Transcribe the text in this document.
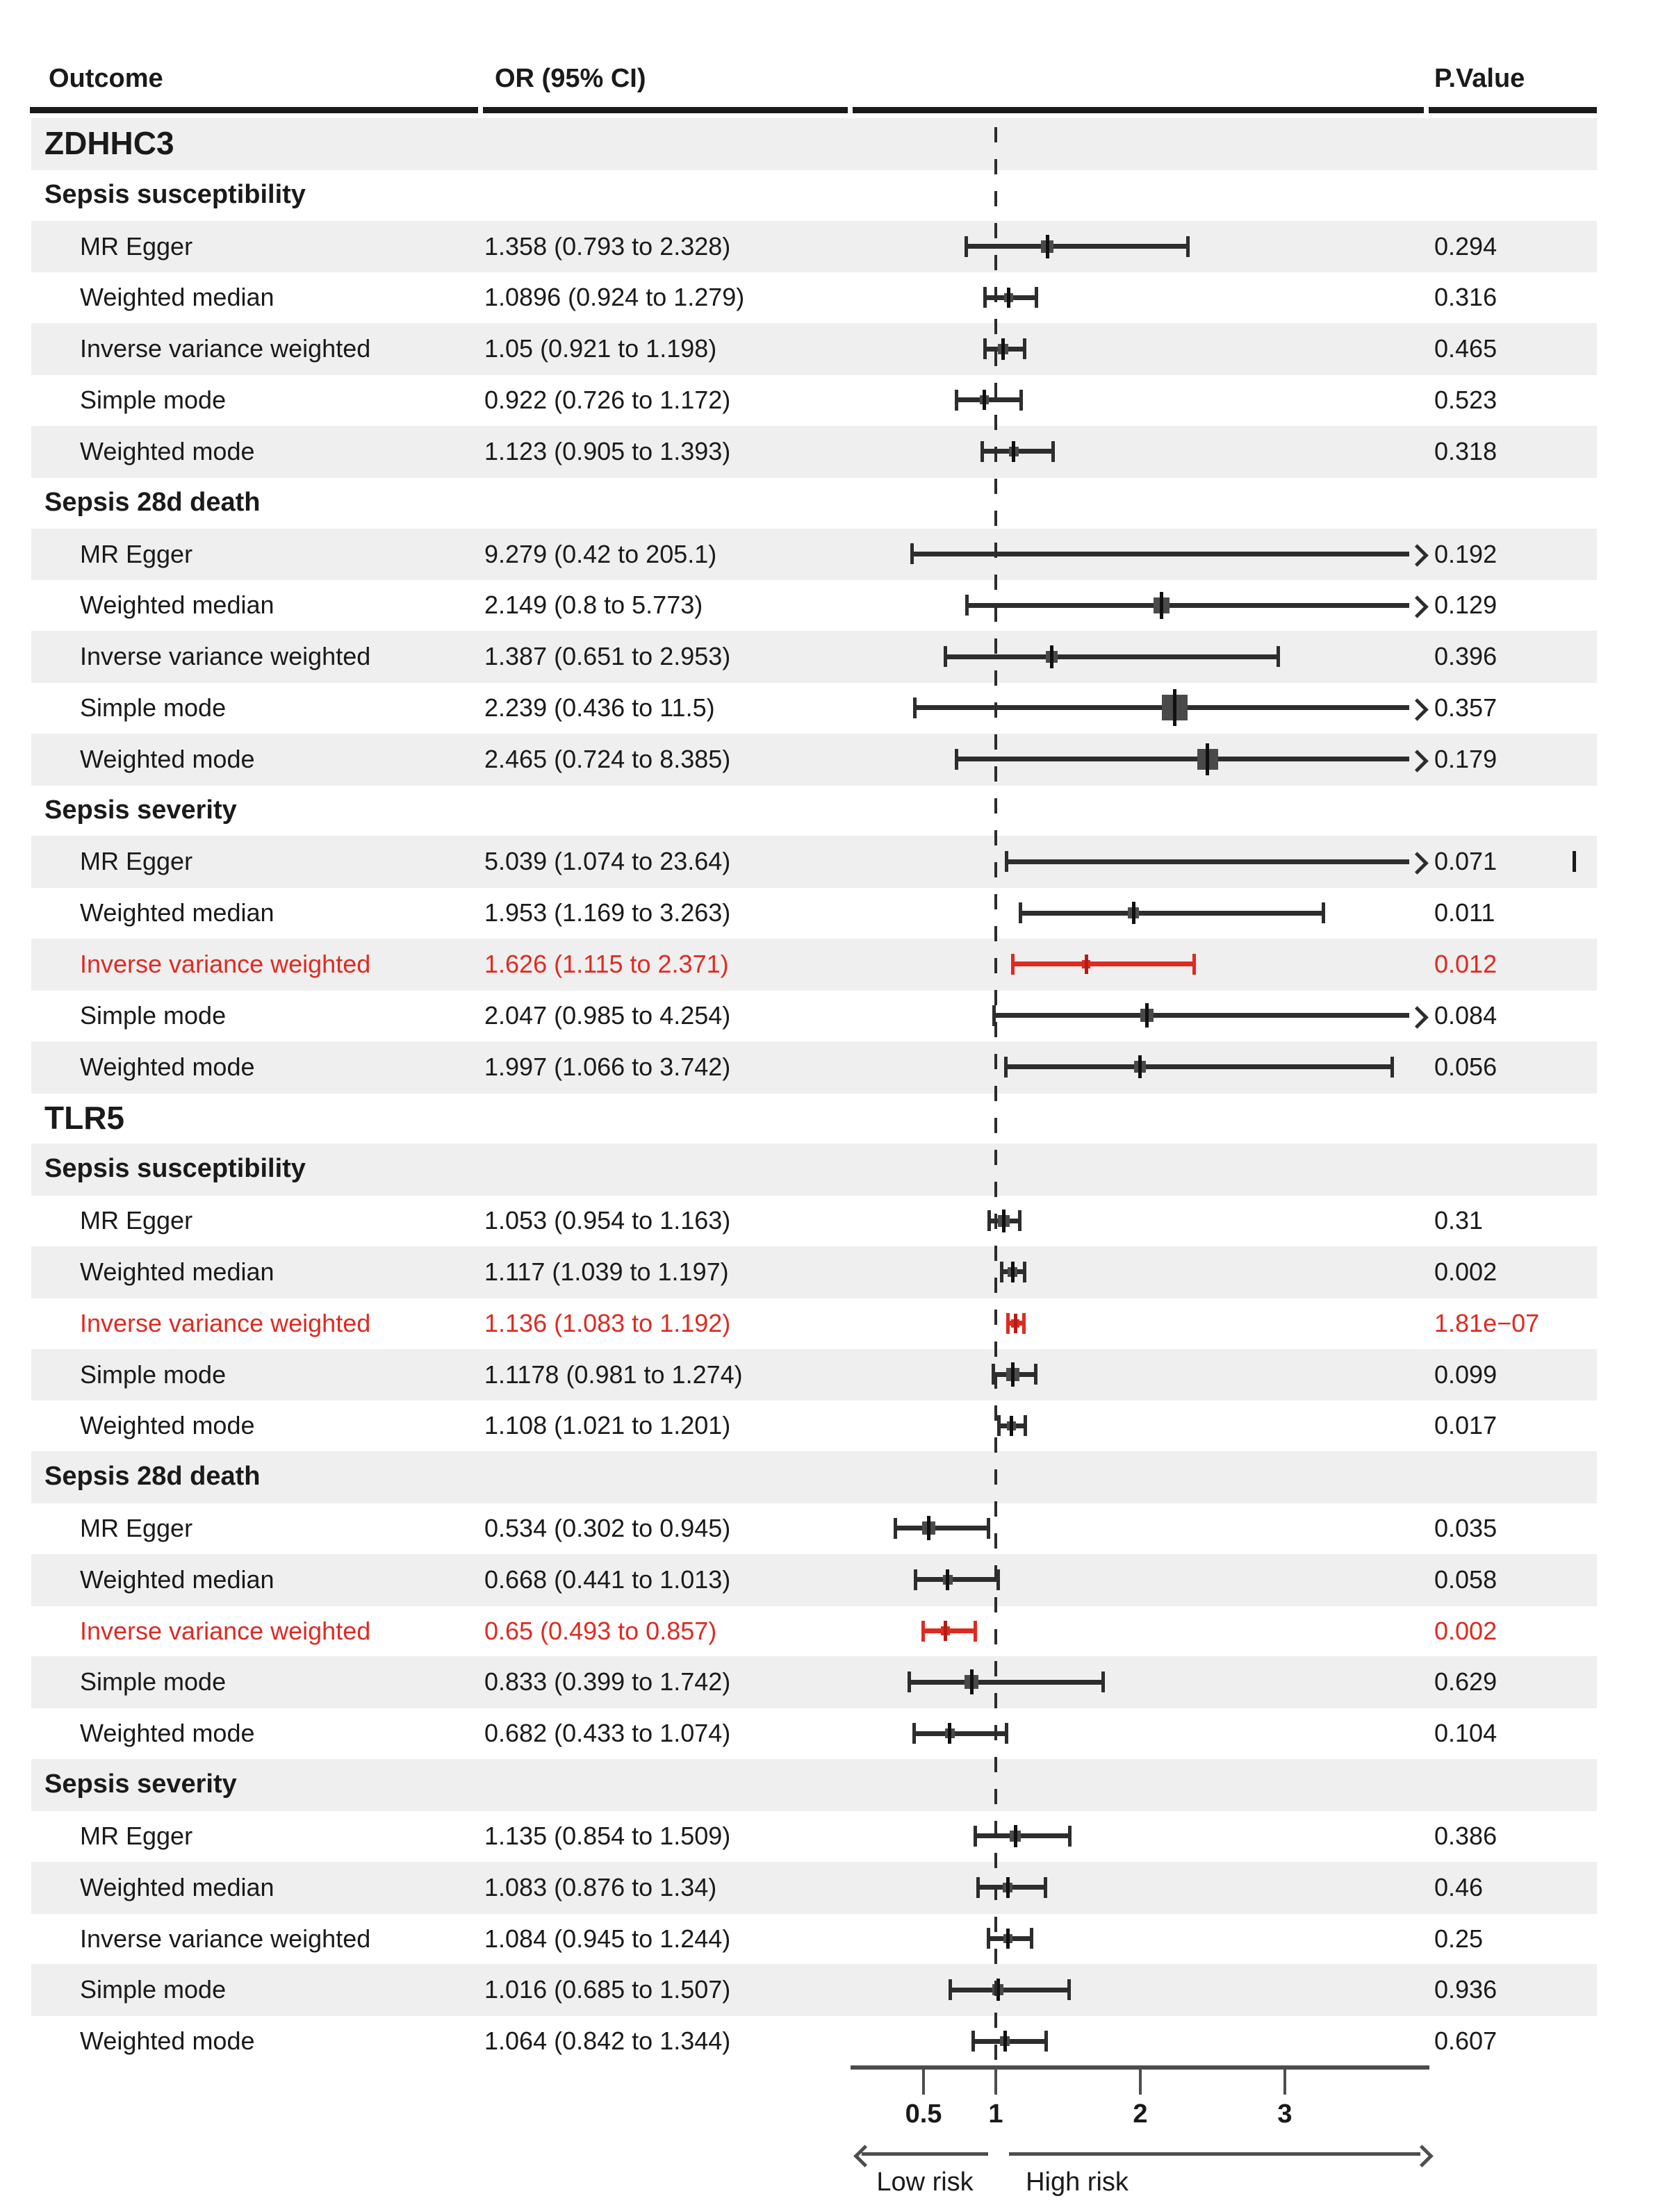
Outcome	OR (95% CI)	P.Value
ZDHHC3
Sepsis susceptibility
MR Egger	1.358 (0.793 to 2.328)	0.294
Weighted median	1.0896 (0.924 to 1.279)	0.316
Inverse variance weighted	1.05 (0.921 to 1.198)	0.465
Simple mode	0.922 (0.726 to 1.172)	0.523
Weighted mode	1.123 (0.905 to 1.393)	0.318
Sepsis 28d death
MR Egger	9.279 (0.42 to 205.1)	0.192
Weighted median	2.149 (0.8 to 5.773)	0.129
Inverse variance weighted	1.387 (0.651 to 2.953)	0.396
Simple mode	2.239 (0.436 to 11.5)	0.357
Weighted mode	2.465 (0.724 to 8.385)	0.179
Sepsis severity
MR Egger	5.039 (1.074 to 23.64)	0.071
Weighted median	1.953 (1.169 to 3.263)	0.011
Inverse variance weighted	1.626 (1.115 to 2.371)	0.012
Simple mode	2.047 (0.985 to 4.254)	0.084
Weighted mode	1.997 (1.066 to 3.742)	0.056
TLR5
Sepsis susceptibility
MR Egger	1.053 (0.954 to 1.163)	0.31
Weighted median	1.117 (1.039 to 1.197)	0.002
Inverse variance weighted	1.136 (1.083 to 1.192)	1.81e−07
Simple mode	1.1178 (0.981 to 1.274)	0.099
Weighted mode	1.108 (1.021 to 1.201)	0.017
Sepsis 28d death
MR Egger	0.534 (0.302 to 0.945)	0.035
Weighted median	0.668 (0.441 to 1.013)	0.058
Inverse variance weighted	0.65 (0.493 to 0.857)	0.002
Simple mode	0.833 (0.399 to 1.742)	0.629
Weighted mode	0.682 (0.433 to 1.074)	0.104
Sepsis severity
MR Egger	1.135 (0.854 to 1.509)	0.386
Weighted median	1.083 (0.876 to 1.34)	0.46
Inverse variance weighted	1.084 (0.945 to 1.244)	0.25
Simple mode	1.016 (0.685 to 1.507)	0.936
Weighted mode	1.064 (0.842 to 1.344)	0.607
0.5 1	2	3
Low risk High risk
